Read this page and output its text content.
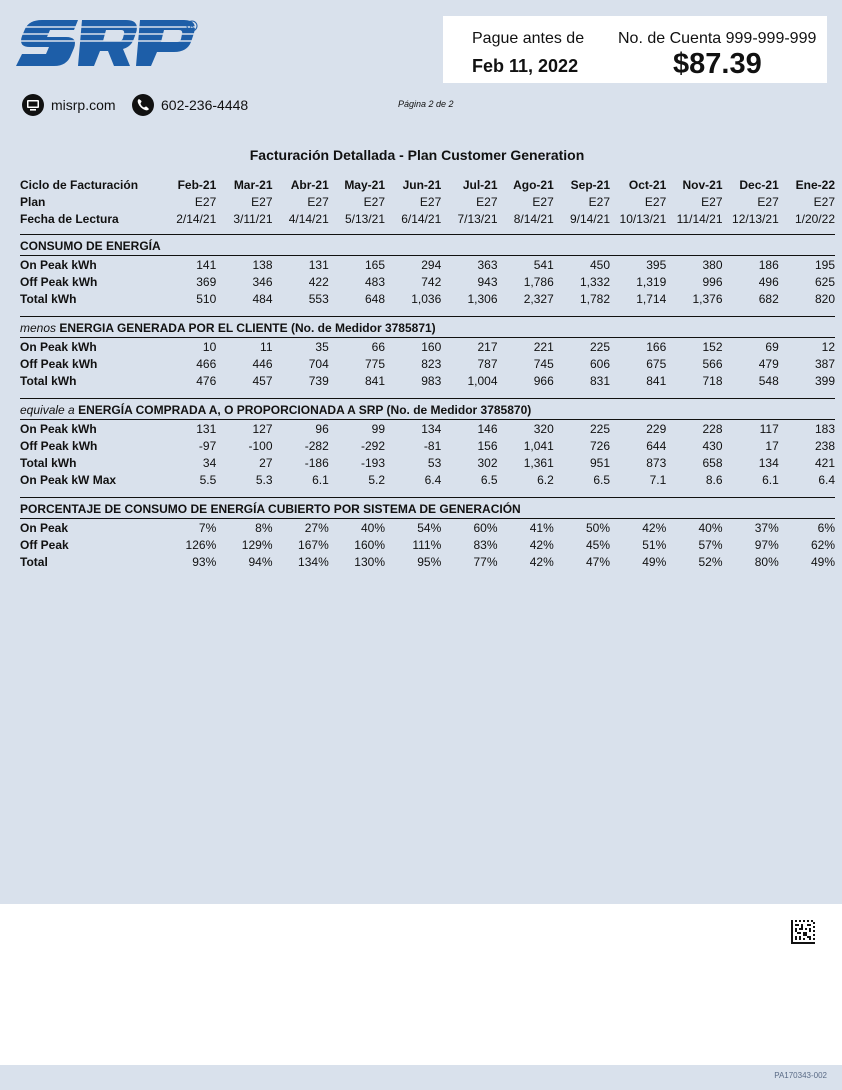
R
Pague antes de
Feb 11, 2022
No. de Cuenta 999-999-999
$87.39
misrp.com	602-236-4448	Página 2 de 2
Facturación Detallada - Plan Customer Generation
Ciclo de Facturación	Feb-21	Mar-21	Abr-21	May-21	Jun-21	Jul-21	Ago-21	Sep-21	Oct-21	Nov-21	Dec-21	Ene-22
Plan	E27	E27	E27	E27	E27	E27	E27	E27	E27	E27	E27	E27
Fecha de Lectura	2/14/21	3/11/21	4/14/21	5/13/21	6/14/21	7/13/21	8/14/21	9/14/21	10/13/21	11/14/21	12/13/21	1/20/22

CONSUMO DE ENERGÍA												
On Peak kWh	141	138	131	165	294	363	541	450	395	380	186	195
Off Peak kWh	369	346	422	483	742	943	1,786	1,332	1,319	996	496	625
Total kWh	510	484	553	648	1,036	1,306	2,327	1,782	1,714	1,376	682	820

menos ENERGIA GENERADA POR EL CLIENTE (No. de Medidor 3785871)												
On Peak kWh	10	11	35	66	160	217	221	225	166	152	69	12
Off Peak kWh	466	446	704	775	823	787	745	606	675	566	479	387
Total kWh	476	457	739	841	983	1,004	966	831	841	718	548	399

equivale a ENERGÍA COMPRADA A, O PROPORCIONADA A SRP (No. de Medidor 3785870)												
On Peak kWh	131	127	96	99	134	146	320	225	229	228	117	183
Off Peak kWh	-97	-100	-282	-292	-81	156	1,041	726	644	430	17	238
Total kWh	34	27	-186	-193	53	302	1,361	951	873	658	134	421
On Peak kW Max	5.5	5.3	6.1	5.2	6.4	6.5	6.2	6.5	7.1	8.6	6.1	6.4

PORCENTAJE DE CONSUMO DE ENERGÍA CUBIERTO POR SISTEMA DE GENERACIÓN												
On Peak	7%	8%	27%	40%	54%	60%	41%	50%	42%	40%	37%	6%
Off Peak	126%	129%	167%	160%	111%	83%	42%	45%	51%	57%	97%	62%
Total	93%	94%	134%	130%	95%	77%	42%	47%	49%	52%	80%	49%
PA170343-002
